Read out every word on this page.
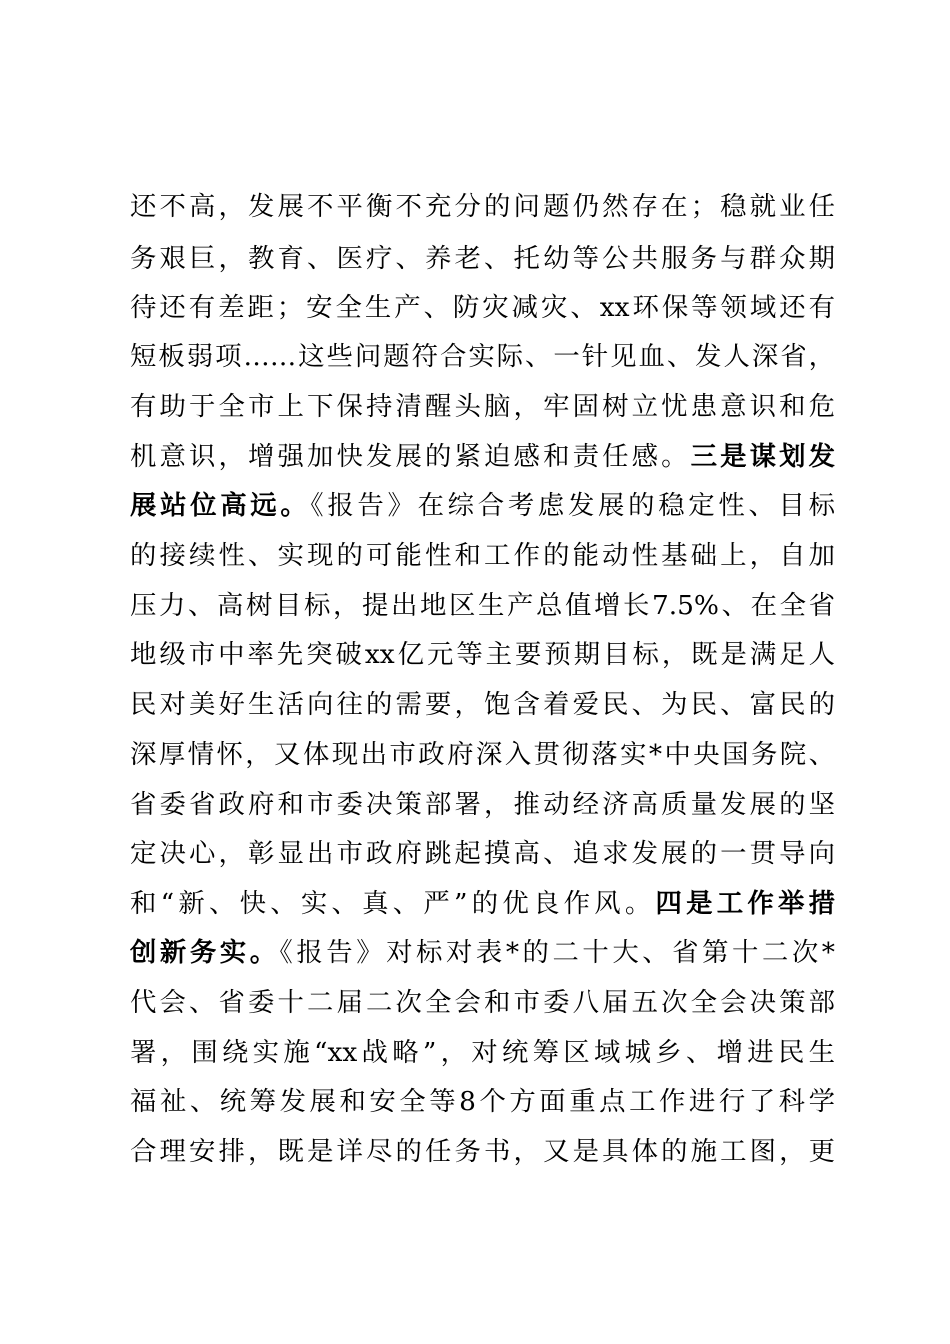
还不高，发展不平衡不充分的问题仍然存在；稳就业任
务艰巨，教育、医疗、养老、托幼等公共服务与群众期
待还有差距；安全生产、防灾减灾、xx环保等领域还有
短板弱项……这些问题符合实际、一针见血、发人深省，
有助于全市上下保持清醒头脑，牢固树立忧患意识和危
机意识，增强加快发展的紧迫感和责任感。三是谋划发
展站位高远。《报告》在综合考虑发展的稳定性、目标
的接续性、实现的可能性和工作的能动性基础上，自加
压力、高树目标，提出地区生产总值增长7.5%、在全省
地级市中率先突破xx亿元等主要预期目标，既是满足人
民对美好生活向往的需要，饱含着爱民、为民、富民的
深厚情怀，又体现出市政府深入贯彻落实*中央国务院、
省委省政府和市委决策部署，推动经济高质量发展的坚
定决心，彰显出市政府跳起摸高、追求发展的一贯导向
和“新、快、实、真、严”的优良作风。四是工作举措
创新务实。《报告》对标对表*的二十大、省第十二次*
代会、省委十二届二次全会和市委八届五次全会决策部
署，围绕实施“xx战略”，对统筹区域城乡、增进民生
福祉、统筹发展和安全等8个方面重点工作进行了科学
合理安排，既是详尽的任务书，又是具体的施工图，更
